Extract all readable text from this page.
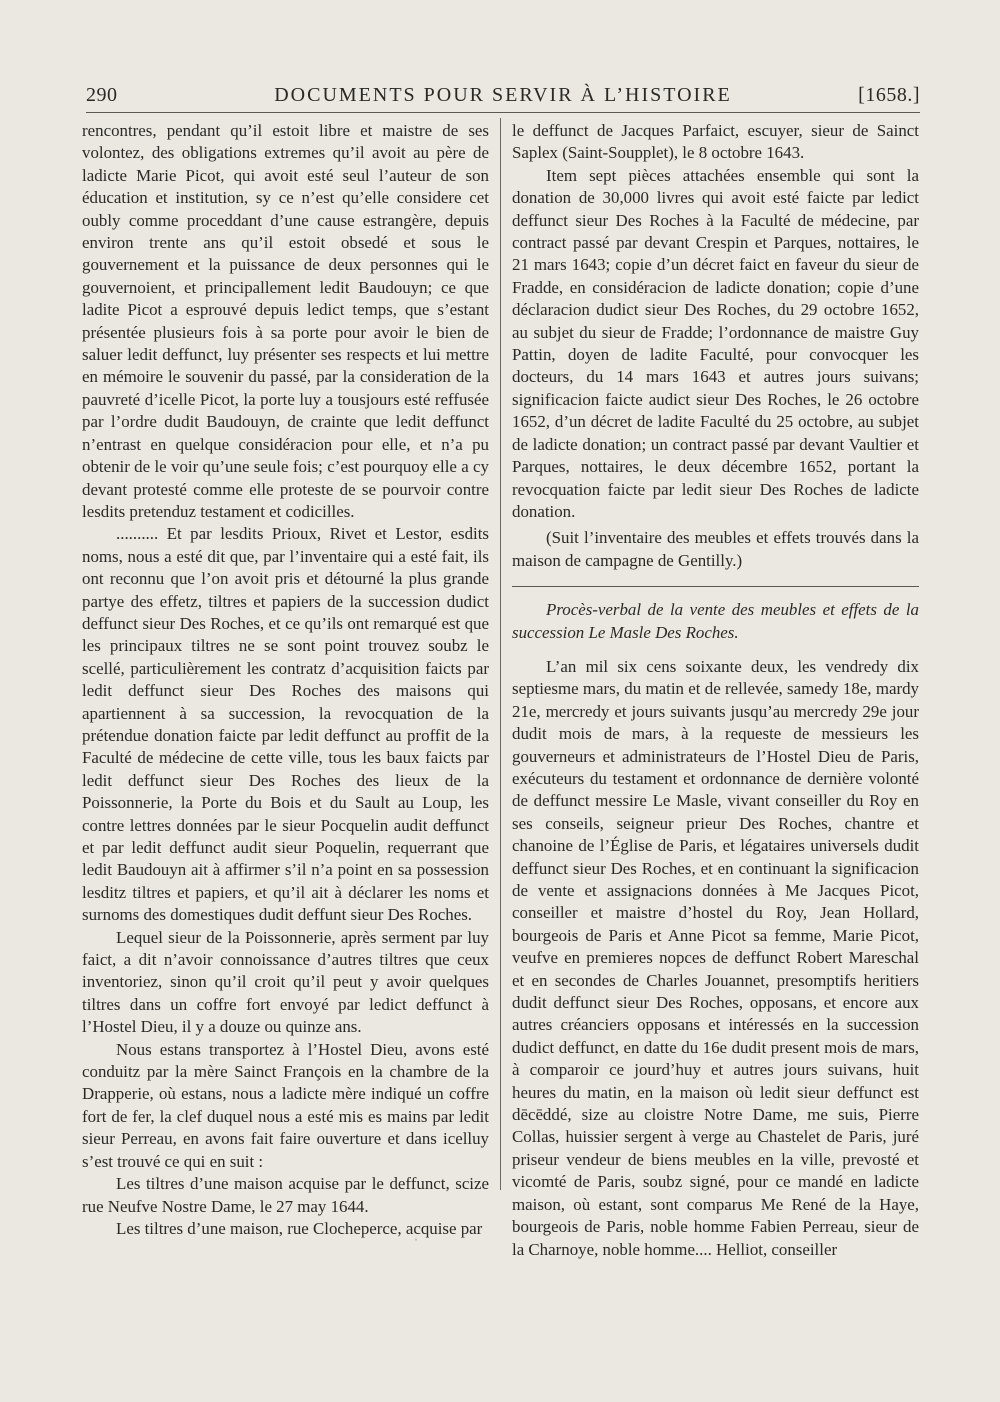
290	DOCUMENTS POUR SERVIR À L’HISTOIRE	[1658.]

rencontres, pendant qu’il estoit libre et maistre de ses volontez, des obligations extremes qu’il avoit au père de ladicte Marie Picot, qui avoit esté seul l’auteur de son éducation et institution, sy ce n’est qu’elle considere cet oubly comme proceddant d’une cause estrangère, depuis environ trente ans qu’il estoit obsedé et sous le gouvernement et la puissance de deux personnes qui le gouvernoient, et principallement ledit Baudouyn; ce que ladite Picot a esprouvé depuis ledict temps, que s’estant présentée plusieurs fois à sa porte pour avoir le bien de saluer ledit deffunct, luy présenter ses respects et lui mettre en mémoire le souvenir du passé, par la consideration de la pauvreté d’icelle Picot, la porte luy a tousjours esté reffusée par l’ordre dudit Baudouyn, de crainte que ledit deffunct n’entrast en quelque considéracion pour elle, et n’a pu obtenir de le voir qu’une seule fois; c’est pourquoy elle a cy devant protesté comme elle proteste de se pourvoir contre lesdits pretenduz testament et codicilles.

.......... Et par lesdits Prioux, Rivet et Lestor, esdits noms, nous a esté dit que, par l’inventaire qui a esté fait, ils ont reconnu que l’on avoit pris et détourné la plus grande partye des effetz, tiltres et papiers de la succession dudict deffunct sieur Des Roches, et ce qu’ils ont remarqué est que les principaux tiltres ne se sont point trouvez soubz le scellé, particulièrement les contratz d’acquisition faicts par ledit deffunct sieur Des Roches des maisons qui apartiennent à sa succession, la revocquation de la prétendue donation faicte par ledit deffunct au proffit de la Faculté de médecine de cette ville, tous les baux faicts par ledit deffunct sieur Des Roches des lieux de la Poissonnerie, la Porte du Bois et du Sault au Loup, les contre lettres données par le sieur Pocquelin audit deffunct et par ledit deffunct audit sieur Poquelin, requerrant que ledit Baudouyn ait à affirmer s’il n’a point en sa possession lesditz tiltres et papiers, et qu’il ait à déclarer les noms et surnoms des domestiques dudit deffunt sieur Des Roches.

Lequel sieur de la Poissonnerie, après serment par luy faict, a dit n’avoir connoissance d’autres tiltres que ceux inventoriez, sinon qu’il croit qu’il peut y avoir quelques tiltres dans un coffre fort envoyé par ledict deffunct à l’Hostel Dieu, il y a douze ou quinze ans.

Nous estans transportez à l’Hostel Dieu, avons esté conduitz par la mère Sainct François en la chambre de la Drapperie, où estans, nous a ladicte mère indiqué un coffre fort de fer, la clef duquel nous a esté mis es mains par ledit sieur Perreau, en avons fait faire ouverture et dans icelluy s’est trouvé ce qui en suit :

Les tiltres d’une maison acquise par le deffunct, scize rue Neufve Nostre Dame, le 27 may 1644.

Les tiltres d’une maison, rue Clocheperce, acquise par

le deffunct de Jacques Parfaict, escuyer, sieur de Sainct Saplex (Saint-Soupplet), le 8 octobre 1643.

Item sept pièces attachées ensemble qui sont la donation de 30,000 livres qui avoit esté faicte par ledict deffunct sieur Des Roches à la Faculté de médecine, par contract passé par devant Crespin et Parques, nottaires, le 21 mars 1643; copie d’un décret faict en faveur du sieur de Fradde, en considéracion de ladicte donation; copie d’une déclaracion dudict sieur Des Roches, du 29 octobre 1652, au subjet du sieur de Fradde; l’ordonnance de maistre Guy Pattin, doyen de ladite Faculté, pour convocquer les docteurs, du 14 mars 1643 et autres jours suivans; significacion faicte audict sieur Des Roches, le 26 octobre 1652, d’un décret de ladite Faculté du 25 octobre, au subjet de ladicte donation; un contract passé par devant Vaultier et Parques, nottaires, le deux décembre 1652, portant la revocquation faicte par ledit sieur Des Roches de ladicte donation.

(Suit l’inventaire des meubles et effets trouvés dans la maison de campagne de Gentilly.)

Procès-verbal de la vente des meubles et effets de la succession Le Masle Des Roches.

L’an mil six cens soixante deux, les vendredy dix septiesme mars, du matin et de rellevée, samedy 18e, mardy 21e, mercredy et jours suivants jusqu’au mercredy 29e jour dudit mois de mars, à la requeste de messieurs les gouverneurs et administrateurs de l’Hostel Dieu de Paris, exécuteurs du testament et ordonnance de dernière volonté de deffunct messire Le Masle, vivant conseiller du Roy en ses conseils, seigneur prieur Des Roches, chantre et chanoine de l’Église de Paris, et légataires universels dudit deffunct sieur Des Roches, et en continuant la significacion de vente et assignacions données à Me Jacques Picot, conseiller et maistre d’hostel du Roy, Jean Hollard, bourgeois de Paris et Anne Picot sa femme, Marie Picot, veufve en premieres nopces de deffunct Robert Mareschal et en secondes de Charles Jouannet, presomptifs heritiers dudit deffunct sieur Des Roches, opposans, et encore aux autres créanciers opposans et intéressés en la succession dudict deffunct, en datte du 16e dudit present mois de mars, à comparoir ce jourd’huy et autres jours suivans, huit heures du matin, en la maison où ledit sieur deffunct est dēcēddé, size au cloistre Notre Dame, me suis, Pierre Collas, huissier sergent à verge au Chastelet de Paris, juré priseur vendeur de biens meubles en la ville, prevosté et vicomté de Paris, soubz signé, pour ce mandé en ladicte maison, où estant, sont comparus Me René de la Haye, bourgeois de Paris, noble homme Fabien Perreau, sieur de la Charnoye, noble homme.... Helliot, conseiller

ˈ
